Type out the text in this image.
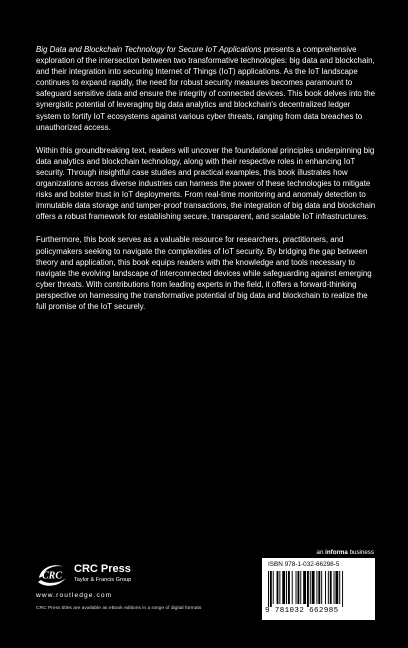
Big Data and Blockchain Technology for Secure IoT Applications presents a comprehensive exploration of the intersection between two transformative technologies: big data and blockchain, and their integration into securing Internet of Things (IoT) applications. As the IoT landscape continues to expand rapidly, the need for robust security measures becomes paramount to safeguard sensitive data and ensure the integrity of connected devices. This book delves into the synergistic potential of leveraging big data analytics and blockchain's decentralized ledger system to fortify IoT ecosystems against various cyber threats, ranging from data breaches to unauthorized access.

Within this groundbreaking text, readers will uncover the foundational principles underpinning big data analytics and blockchain technology, along with their respective roles in enhancing IoT security. Through insightful case studies and practical examples, this book illustrates how organizations across diverse industries can harness the power of these technologies to mitigate risks and bolster trust in IoT deployments. From real-time monitoring and anomaly detection to immutable data storage and tamper-proof transactions, the integration of big data and blockchain offers a robust framework for establishing secure, transparent, and scalable IoT infrastructures.

Furthermore, this book serves as a valuable resource for researchers, practitioners, and policymakers seeking to navigate the complexities of IoT security. By bridging the gap between theory and application, this book equips readers with the knowledge and tools necessary to navigate the evolving landscape of interconnected devices while safeguarding against emerging cyber threats. With contributions from leading experts in the field, it offers a forward-thinking perspective on harnessing the transformative potential of big data and blockchain to realize the full promise of the IoT securely.

an informa business
ISBN 978-1-032-66298-5
9 781032 662985
CRC
CRC Press
Taylor & Francis Group
www.routledge.com
CRC Press titles are available as eBook editions in a range of digital formats
